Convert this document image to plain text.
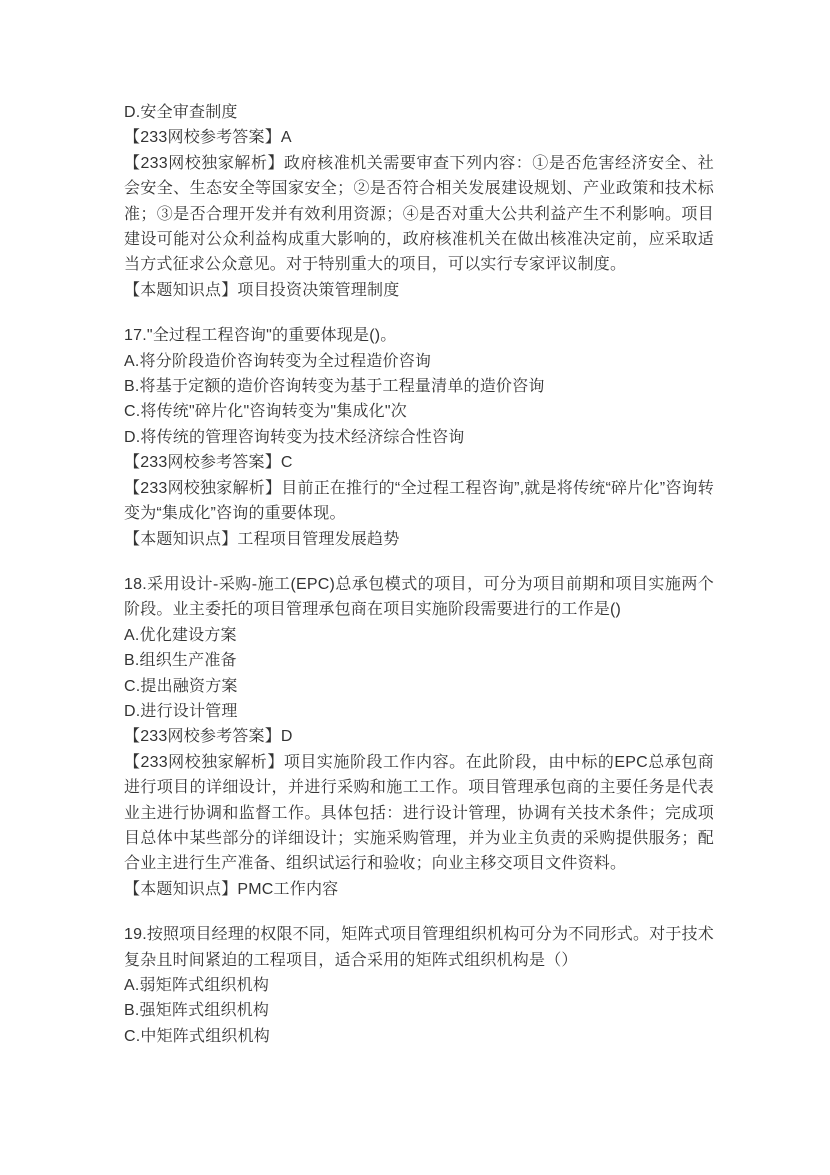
D.安全审查制度

【233网校参考答案】A

【233网校独家解析】政府核准机关需要审查下列内容：①是否危害经济安全、社会安全、生态安全等国家安全；②是否符合相关发展建设规划、产业政策和技术标准；③是否合理开发并有效利用资源；④是否对重大公共利益产生不利影响。项目建设可能对公众利益构成重大影响的，政府核准机关在做出核准决定前，应采取适当方式征求公众意见。对于特别重大的项目，可以实行专家评议制度。

【本题知识点】项目投资决策管理制度

17."全过程工程咨询"的重要体现是()。

A.将分阶段造价咨询转变为全过程造价咨询

B.将基于定额的造价咨询转变为基于工程量清单的造价咨询

C.将传统"碎片化"咨询转变为"集成化"次

D.将传统的管理咨询转变为技术经济综合性咨询

【233网校参考答案】C

【233网校独家解析】目前正在推行的“全过程工程咨询”,就是将传统“碎片化”咨询转变为“集成化”咨询的重要体现。

【本题知识点】工程项目管理发展趋势

18.采用设计-采购-施工(EPC)总承包模式的项目，可分为项目前期和项目实施两个阶段。业主委托的项目管理承包商在项目实施阶段需要进行的工作是()

A.优化建设方案

B.组织生产准备

C.提出融资方案

D.进行设计管理

【233网校参考答案】D

【233网校独家解析】项目实施阶段工作内容。在此阶段，由中标的EPC总承包商进行项目的详细设计，并进行采购和施工工作。项目管理承包商的主要任务是代表业主进行协调和监督工作。具体包括：进行设计管理，协调有关技术条件；完成项目总体中某些部分的详细设计；实施采购管理，并为业主负责的采购提供服务；配合业主进行生产准备、组织试运行和验收；向业主移交项目文件资料。

【本题知识点】PMC工作内容

19.按照项目经理的权限不同，矩阵式项目管理组织机构可分为不同形式。对于技术复杂且时间紧迫的工程项目，适合采用的矩阵式组织机构是（）

A.弱矩阵式组织机构

B.强矩阵式组织机构

C.中矩阵式组织机构
